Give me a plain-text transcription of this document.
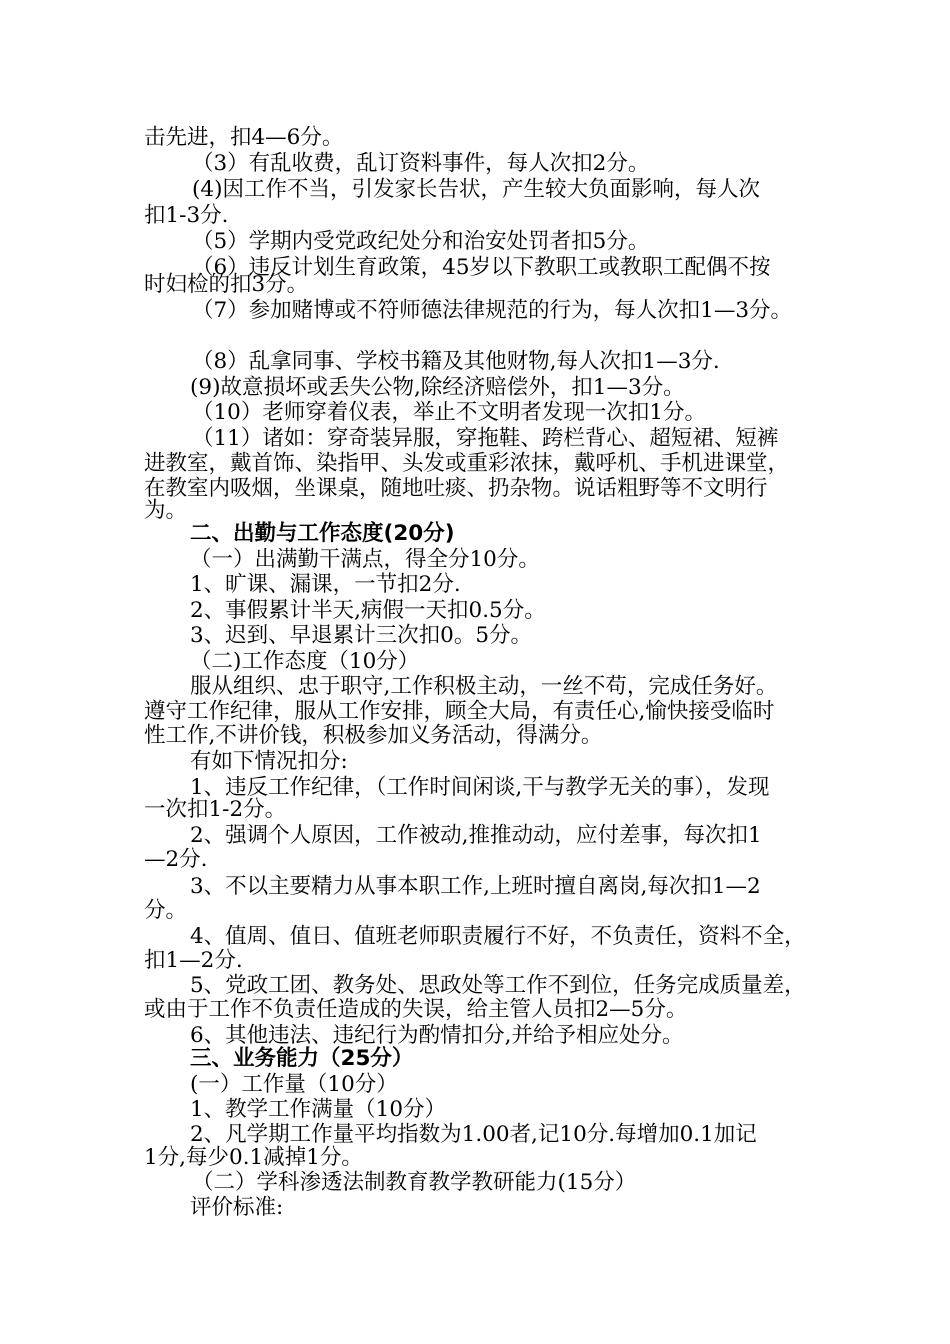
击先进，扣4—6分。
（3）有乱收费，乱订资料事件，每人次扣2分。
(4)因工作不当，引发家长告状，产生较大负面影响，每人次
扣1-3分.
（5）学期内受党政纪处分和治安处罚者扣5分。
（6）违反计划生育政策，45岁以下教职工或教职工配偶不按
时妇检的扣3分。
（7）参加赌博或不符师德法律规范的行为，每人次扣1—3分。
（8）乱拿同事、学校书籍及其他财物,每人次扣1—3分.
(9)故意损坏或丢失公物,除经济赔偿外，扣1—3分。
（10）老师穿着仪表，举止不文明者发现一次扣1分。
（11）诸如：穿奇装异服，穿拖鞋、跨栏背心、超短裙、短裤
进教室，戴首饰、染指甲、头发或重彩浓抹，戴呼机、手机进课堂，
在教室内吸烟，坐课桌，随地吐痰、扔杂物。说话粗野等不文明行
为。
二、出勤与工作态度(20分)
（一）出满勤干满点，得全分10分。
1、旷课、漏课，一节扣2分.
2、事假累计半天,病假一天扣0.5分。
3、迟到、早退累计三次扣0。5分。
（二)工作态度（10分）
服从组织、忠于职守,工作积极主动，一丝不苟，完成任务好。
遵守工作纪律，服从工作安排，顾全大局，有责任心,愉快接受临时
性工作,不讲价钱，积极参加义务活动，得满分。
有如下情况扣分:
1、违反工作纪律，（工作时间闲谈,干与教学无关的事），发现
一次扣1-2分。
2、强调个人原因，工作被动,推推动动，应付差事，每次扣1
—2分.
3、不以主要精力从事本职工作,上班时擅自离岗,每次扣1—2
分。
4、值周、值日、值班老师职责履行不好，不负责任，资料不全，
扣1—2分.
5、党政工团、教务处、思政处等工作不到位，任务完成质量差，
或由于工作不负责任造成的失误，给主管人员扣2—5分。
6、其他违法、违纪行为酌情扣分,并给予相应处分。
三、业务能力（25分）
(一）工作量（10分）
1、教学工作满量（10分）
2、凡学期工作量平均指数为1.00者,记10分.每增加0.1加记
1分,每少0.1减掉1分。
（二）学科渗透法制教育教学教研能力(15分）
评价标准:
